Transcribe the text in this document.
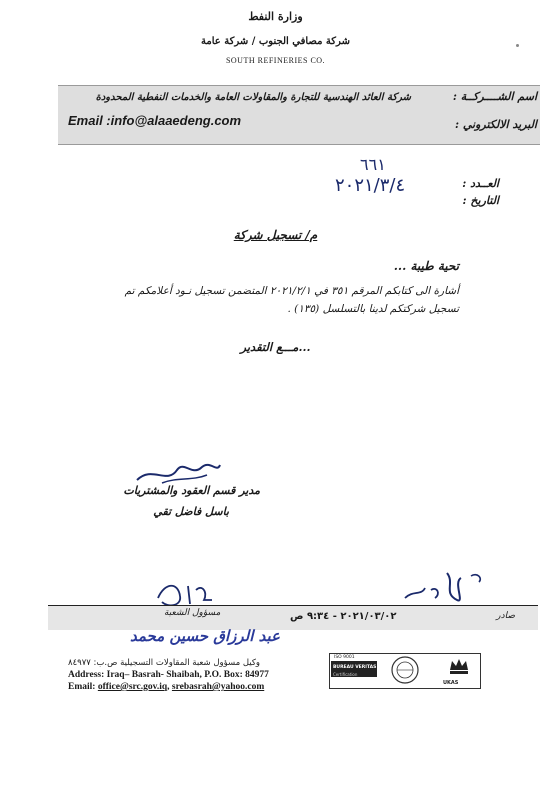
وزارة النفط
شركة مصافي الجنوب / شركة عامة
SOUTH REFINERIES CO.
اسم الشــــركــة :
شركة العائد الهندسية للتجارة والمقاولات العامة والخدمات النفطية المحدودة
البريد الالكتروني :
Email :info@alaaedeng.com
العــدد :
التاريخ :
٦٦١
٢٠٢١/٣/٤
م/ تسجيل شركة
تحية طيبة ...
أشارة الى كتابكم المرقم ٣٥١ في ٢٠٢١/٢/١ المتضمن تسجيل نـود أعلامكم تم
تسجيل شركتكم لدينا بالتسلسل (١٣٥) .
...مـــع التقدير
مدير قسم العقود والمشتريات
باسل فاضل تقي
صادر
٢٠٢١/٠٣/٠٢ - ٩:٣٤ ص
مسؤول الشعبة
عبد الرزاق حسين محمد
وكيل مسؤول شعبة المقاولات التسجيلية ص.ب: ٨٤٩٧٧
Address: Iraq– Basrah- Shaibah, P.O. Box: 84977
Email: office@src.gov.iq, srebasrah@yahoo.com
ISO 9001
BUREAU VERITAS
Certification
UKAS
